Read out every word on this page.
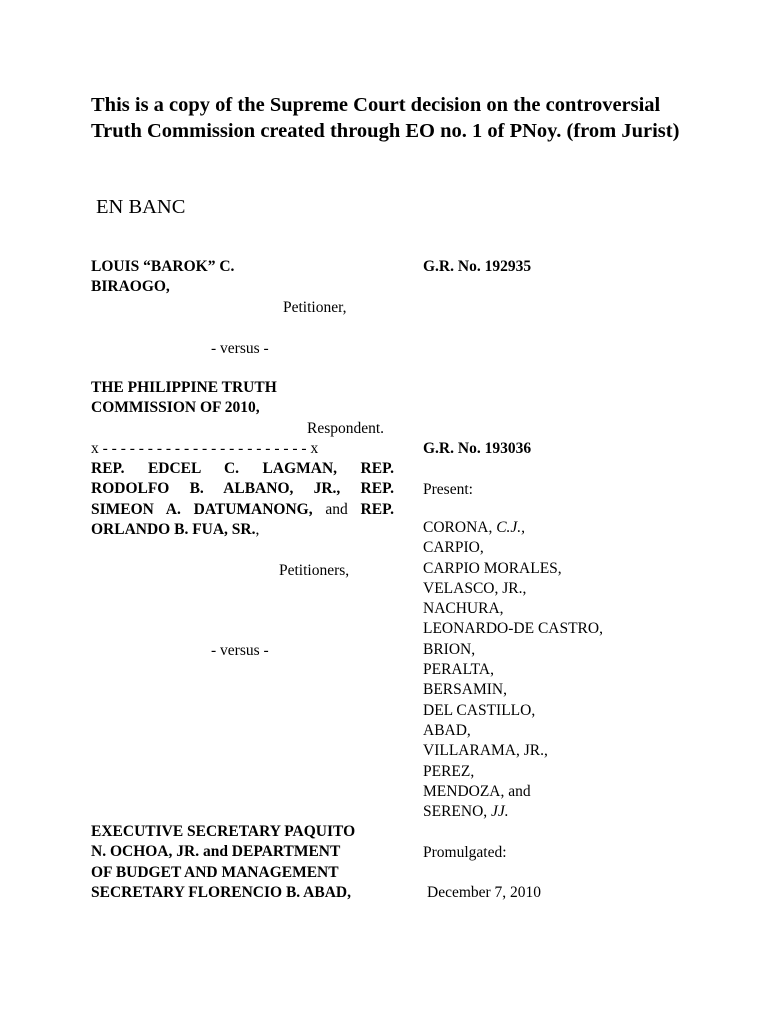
This is a copy of the Supreme Court decision on the controversial Truth Commission created through EO no. 1 of PNoy. (from Jurist)
EN BANC
LOUIS “BAROK” C.
BIRAOGO,
Petitioner,
G.R. No. 192935
- versus -
THE PHILIPPINE TRUTH
COMMISSION OF 2010,
Respondent.
x - - - - - - - - - - - - - - - - - - - - - - - x	G.R. No. 193036
REP. EDCEL C. LAGMAN, REP. RODOLFO B. ALBANO, JR., REP. SIMEON A. DATUMANONG, and REP. ORLANDO B. FUA, SR.,
Petitioners,
Present:
CORONA, C.J.,
CARPIO,
CARPIO MORALES,
VELASCO, JR.,
NACHURA,
LEONARDO-DE CASTRO,
BRION,
PERALTA,
BERSAMIN,
DEL CASTILLO,
ABAD,
VILLARAMA, JR.,
PEREZ,
MENDOZA, and
SERENO, JJ.
- versus -
EXECUTIVE SECRETARY PAQUITO
N. OCHOA, JR. and DEPARTMENT
OF BUDGET AND MANAGEMENT
SECRETARY FLORENCIO B. ABAD,
Promulgated:
December 7, 2010
